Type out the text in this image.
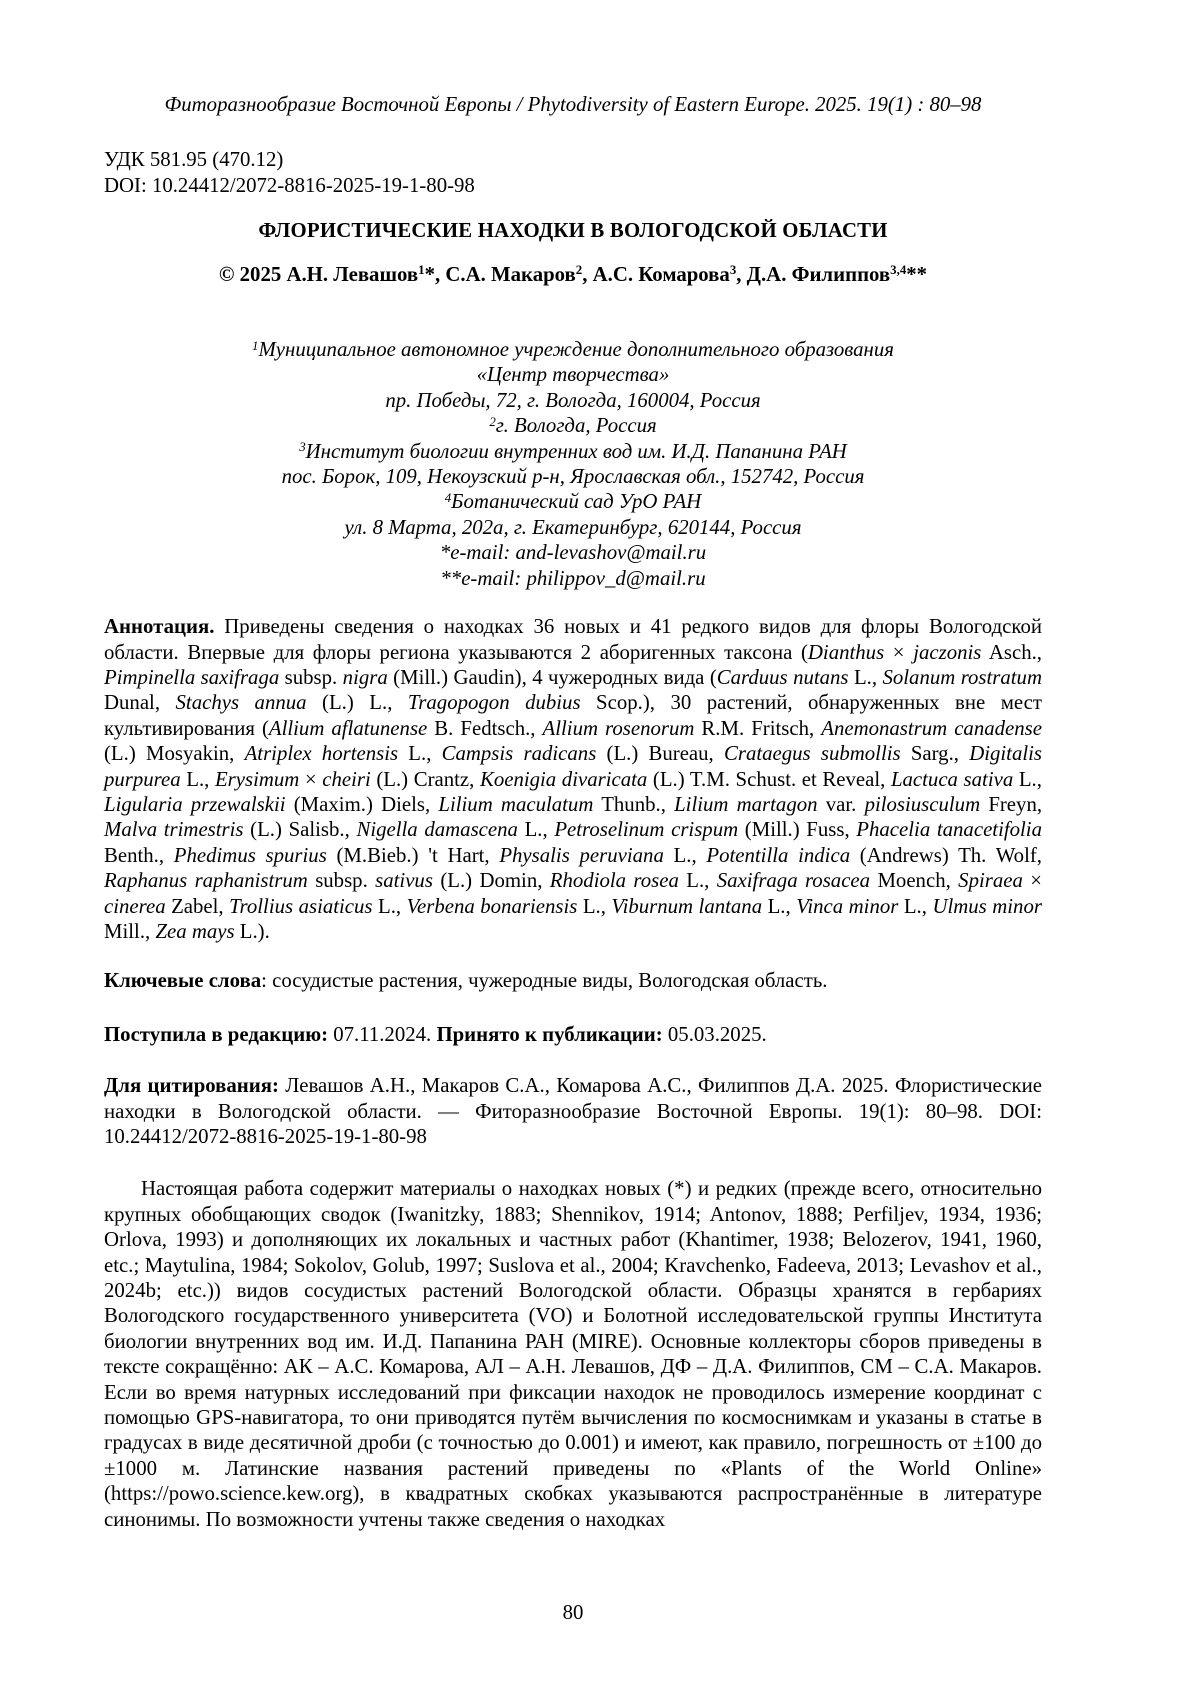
Фиторазнообразие Восточной Европы / Phytodiversity of Eastern Europe. 2025. 19(1) : 80–98
УДК 581.95 (470.12)
DOI: 10.24412/2072-8816-2025-19-1-80-98
ФЛОРИСТИЧЕСКИЕ НАХОДКИ В ВОЛОГОДСКОЙ ОБЛАСТИ
© 2025 А.Н. Левашов$^1$*, С.А. Макаров$^2$, А.С. Комарова$^3$, Д.А. Филиппов$^{3,4}$**
$^1$Муниципальное автономное учреждение дополнительного образования
«Центр творчества»
пр. Победы, 72, г. Вологда, 160004, Россия
$^2$г. Вологда, Россия
$^3$Институт биологии внутренних вод им. И.Д. Папанина РАН
пос. Борок, 109, Некоузский р-н, Ярославская обл., 152742, Россия
$^4$Ботанический сад УрО РАН
ул. 8 Марта, 202а, г. Екатеринбург, 620144, Россия
*e-mail: and-levashov@mail.ru
**e-mail: philippov_d@mail.ru

Аннотация. Приведены сведения о находках 36 новых и 41 редкого видов для флоры Вологодской области. Впервые для флоры региона указываются 2 аборигенных таксона (Dianthus × jaczonis Asch., Pimpinella saxifraga subsp. nigra (Mill.) Gaudin), 4 чужеродных вида (Carduus nutans L., Solanum rostratum Dunal, Stachys annua (L.) L., Tragopogon dubius Scop.), 30 растений, обнаруженных вне мест культивирования (Allium aflatunense B. Fedtsch., Allium rosenorum R.M. Fritsch, Anemonastrum canadense (L.) Mosyakin, Atriplex hortensis L., Campsis radicans (L.) Bureau, Crataegus submollis Sarg., Digitalis purpurea L., Erysimum × cheiri (L.) Crantz, Koenigia divaricata (L.) T.M. Schust. et Reveal, Lactuca sativa L., Ligularia przewalskii (Maxim.) Diels, Lilium maculatum Thunb., Lilium martagon var. pilosiusculum Freyn, Malva trimestris (L.) Salisb., Nigella damascena L., Petroselinum crispum (Mill.) Fuss, Phacelia tanacetifolia Benth., Phedimus spurius (M.Bieb.) 't Hart, Physalis peruviana L., Potentilla indica (Andrews) Th. Wolf, Raphanus raphanistrum subsp. sativus (L.) Domin, Rhodiola rosea L., Saxifraga rosacea Moench, Spiraea × cinerea Zabel, Trollius asiaticus L., Verbena bonariensis L., Viburnum lantana L., Vinca minor L., Ulmus minor Mill., Zea mays L.).

Ключевые слова: сосудистые растения, чужеродные виды, Вологодская область.

Поступила в редакцию: 07.11.2024. Принято к публикации: 05.03.2025.

Для цитирования: Левашов А.Н., Макаров С.А., Комарова А.С., Филиппов Д.А. 2025. Флористические находки в Вологодской области. — Фиторазнообразие Восточной Европы. 19(1): 80–98. DOI: 10.24412/2072-8816-2025-19-1-80-98

Настоящая работа содержит материалы о находках новых (*) и редких (прежде всего, относительно крупных обобщающих сводок (Iwanitzky, 1883; Shennikov, 1914; Antonov, 1888; Perfiljev, 1934, 1936; Orlova, 1993) и дополняющих их локальных и частных работ (Khantimer, 1938; Belozerov, 1941, 1960, etc.; Maytulina, 1984; Sokolov, Golub, 1997; Suslova et al., 2004; Kravchenko, Fadeeva, 2013; Levashov et al., 2024b; etc.)) видов сосудистых растений Вологодской области. Образцы хранятся в гербариях Вологодского государственного университета (VO) и Болотной исследовательской группы Института биологии внутренних вод им. И.Д. Папанина РАН (MIRE). Основные коллекторы сборов приведены в тексте сокращённо: АК – А.С. Комарова, АЛ – А.Н. Левашов, ДФ – Д.А. Филиппов, СМ – С.А. Макаров. Если во время натурных исследований при фиксации находок не проводилось измерение координат с помощью GPS-навигатора, то они приводятся путём вычисления по космоснимкам и указаны в статье в градусах в виде десятичной дроби (с точностью до 0.001) и имеют, как правило, погрешность от ±100 до ±1000 м. Латинские названия растений приведены по «Plants of the World Online» (https://powo.science.kew.org), в квадратных скобках указываются распространённые в литературе синонимы. По возможности учтены также сведения о находках

80
